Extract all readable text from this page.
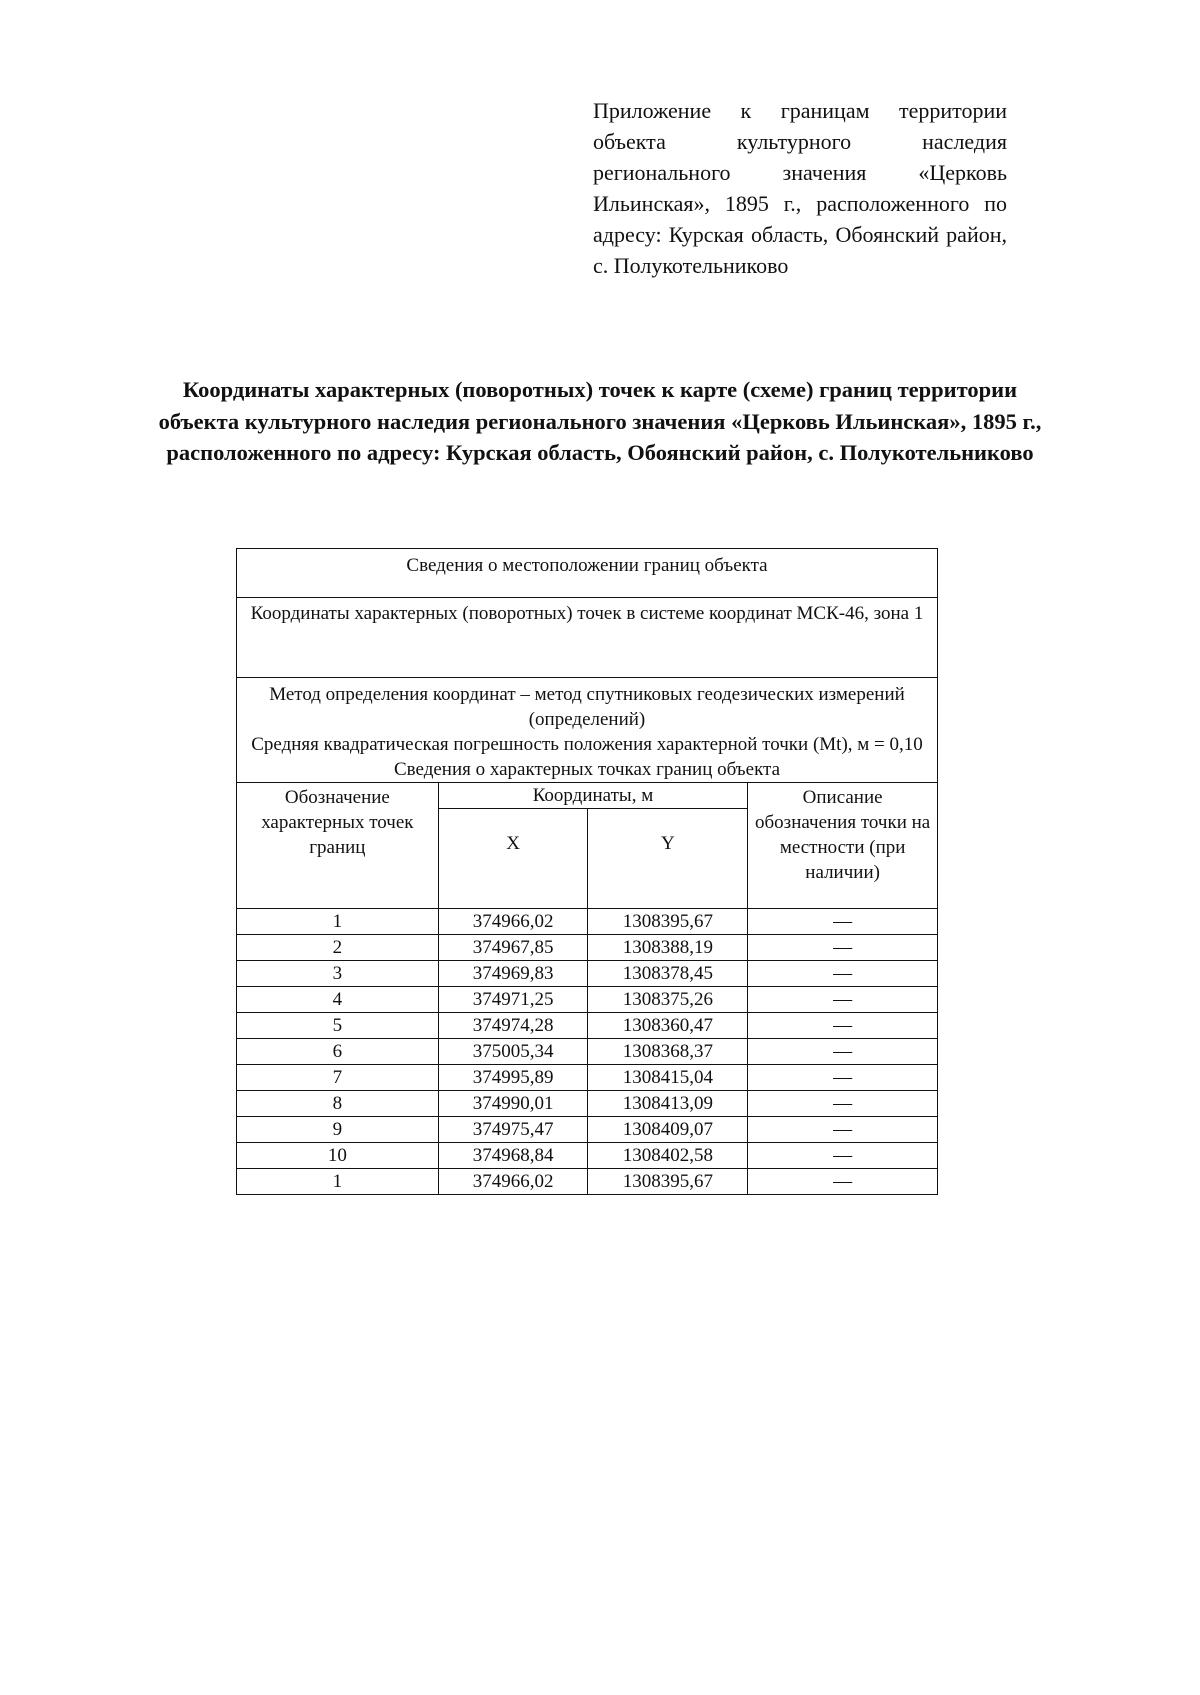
Приложение к границам территории объекта культурного наследия регионального значения «Церковь Ильинская», 1895 г., расположенного по адресу: Курская область, Обоянский район, с. Полукотельниково
Координаты характерных (поворотных) точек к карте (схеме) границ территории объекта культурного наследия регионального значения «Церковь Ильинская», 1895 г., расположенного по адресу: Курская область, Обоянский район, с. Полукотельниково
Сведения о местоположении границ объекта			
Координаты характерных (поворотных) точек в системе координат МСК-46, зона 1			

Метод определения координат – метод спутниковых геодезических измерений (определений)
Средняя квадратическая погрешность положения характерной точки (Mt), м = 0,10
Сведения о характерных точках границ объекта			

Обозначение характерных точек границ	Координаты, м		Описание обозначения точки на местности (при наличии)
	X	Y	
1	374966,02	1308395,67	—
2	374967,85	1308388,19	—
3	374969,83	1308378,45	—
4	374971,25	1308375,26	—
5	374974,28	1308360,47	—
6	375005,34	1308368,37	—
7	374995,89	1308415,04	—
8	374990,01	1308413,09	—
9	374975,47	1308409,07	—
10	374968,84	1308402,58	—
1	374966,02	1308395,67	—
